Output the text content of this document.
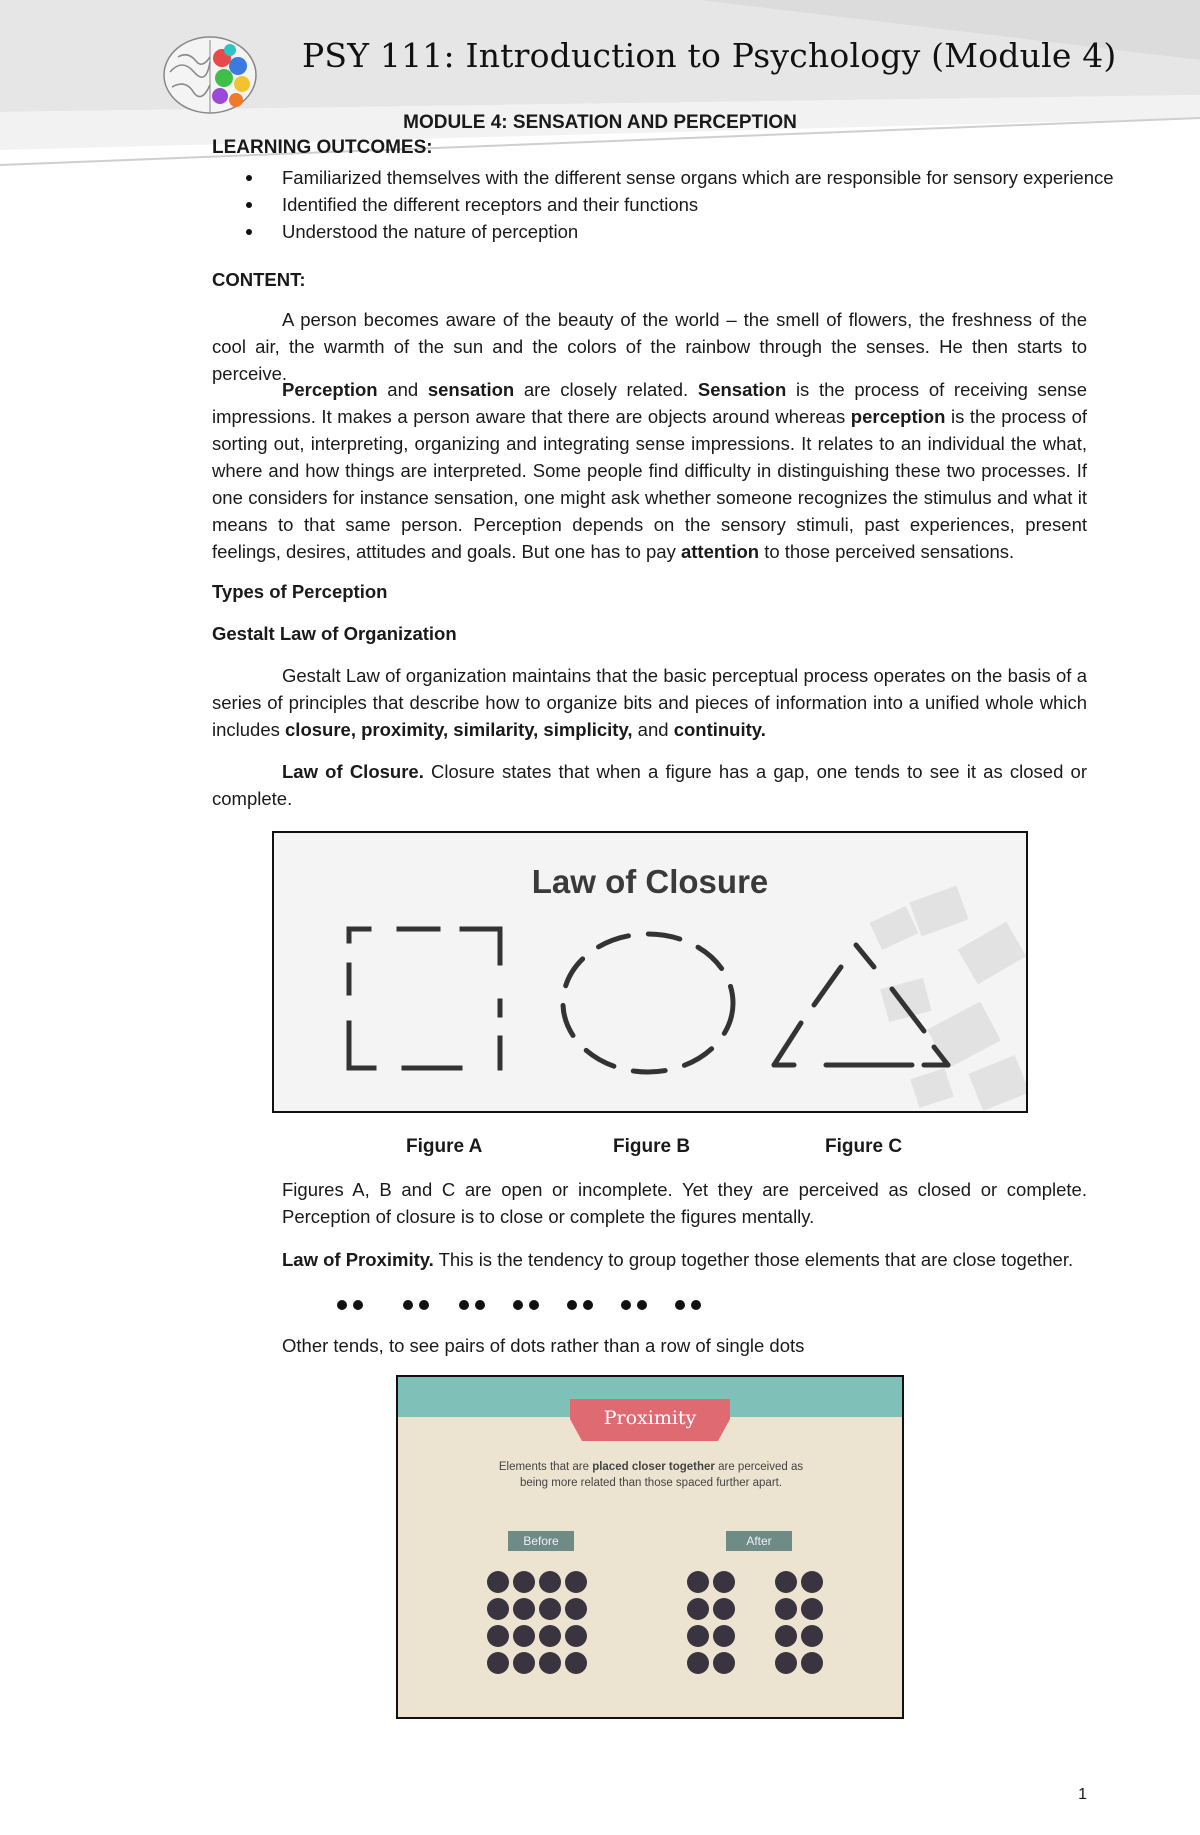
PSY 111: Introduction to Psychology (Module 4)
MODULE 4: SENSATION AND PERCEPTION
LEARNING OUTCOMES:
Familiarized themselves with the different sense organs which are responsible for sensory experience
Identified the different receptors and their functions
Understood the nature of perception
CONTENT:
A person becomes aware of the beauty of the world – the smell of flowers, the freshness of the cool air, the warmth of the sun and the colors of the rainbow through the senses. He then starts to perceive.
Perception and sensation are closely related. Sensation is the process of receiving sense impressions. It makes a person aware that there are objects around whereas perception is the process of sorting out, interpreting, organizing and integrating sense impressions. It relates to an individual the what, where and how things are interpreted. Some people find difficulty in distinguishing these two processes. If one considers for instance sensation, one might ask whether someone recognizes the stimulus and what it means to that same person. Perception depends on the sensory stimuli, past experiences, present feelings, desires, attitudes and goals. But one has to pay attention to those perceived sensations.
Types of Perception
Gestalt Law of Organization
Gestalt Law of organization maintains that the basic perceptual process operates on the basis of a series of principles that describe how to organize bits and pieces of information into a unified whole which includes closure, proximity, similarity, simplicity, and continuity.
Law of Closure. Closure states that when a figure has a gap, one tends to see it as closed or complete.
Law of Closure
Figure A	Figure B	Figure C
Figures A, B and C are open or incomplete. Yet they are perceived as closed or complete. Perception of closure is to close or complete the figures mentally.
Law of Proximity. This is the tendency to group together those elements that are close together.
Other tends, to see pairs of dots rather than a row of single dots
Proximity
Elements that are placed closer together are perceived as being more related than those spaced further apart.
Before	After
1
